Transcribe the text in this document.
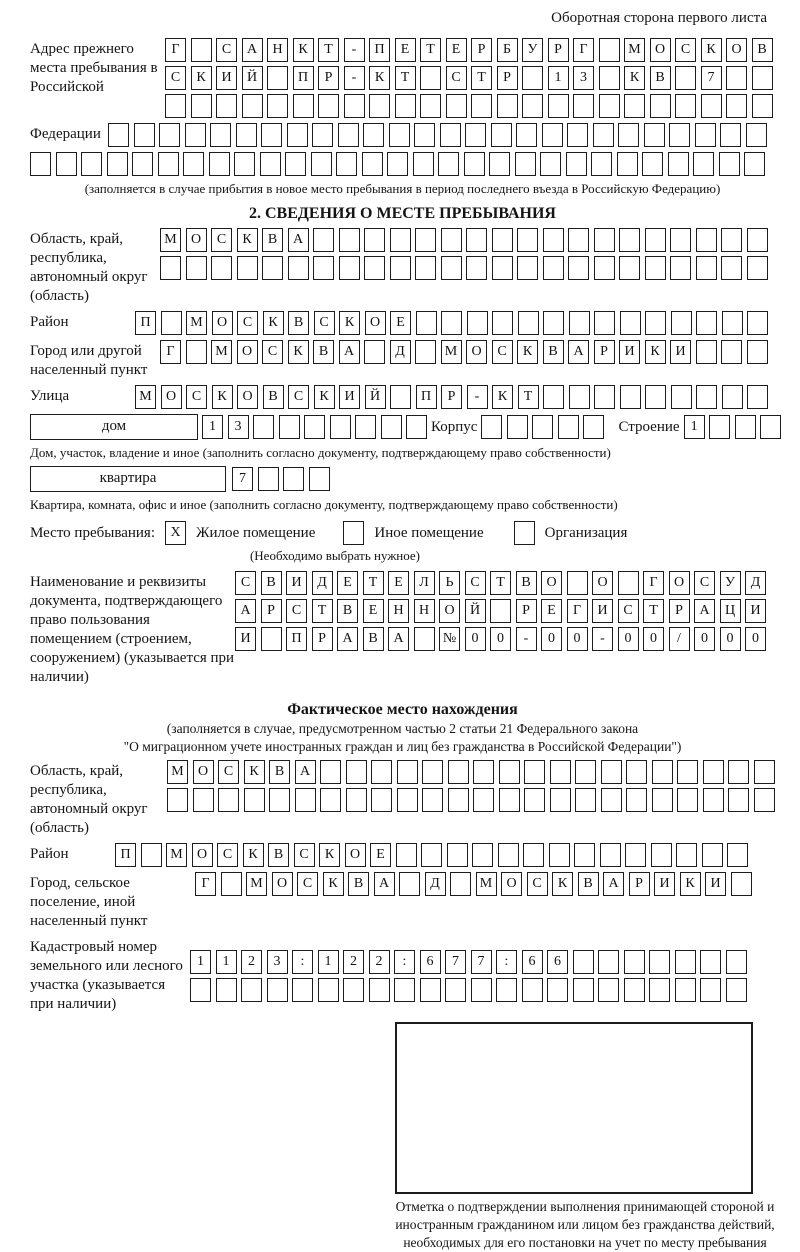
Оборотная сторона первого листа
Адрес прежнего места пребывания в Российской
Г	С	А	Н	К	Т	-	П	Е	Т	Е	Р	Б	У	Р	Г	М	О	С	К	О	В
С	К	И	Й	П	Р	-	К	Т	С	Т	Р	1	3	К	В	7
Федерации
(заполняется в случае прибытия в новое место пребывания в период последнего въезда в Российскую Федерацию)
2. СВЕДЕНИЯ О МЕСТЕ ПРЕБЫВАНИЯ
Область, край, республика, автономный округ (область)
М	О	С	К	В	А
Район	П	М	О	С	К	В	С	К	О	Е
Город или другой населенный пункт
Г	М	О	С	К	В	А	Д	М	О	С	К	В	А	Р	И	К	И
Улица	М	О	С	К	О	В	С	К	И	Й	П	Р	-	К	Т
дом	1	3	Корпус	Строение 1
Дом, участок, владение и иное (заполнить согласно документу, подтверждающему право собственности)
квартира	7
Квартира, комната, офис и иное (заполнить согласно документу, подтверждающему право собственности)
Место пребывания:	X	Жилое помещение	Иное помещение	Организация
(Необходимо выбрать нужное)
Наименование и реквизиты документа, подтверждающего право пользования помещением (строением, сооружением) (указывается при наличии)
С	В	И	Д	Е	Т	Е	Л	Ь	С	Т	В	О	О	Г	О	С	У	Д
А	Р	С	Т	В	Е	Н	Н	О	Й	Р	Е	Г	И	С	Т	Р	А	Ц	И
И	П	Р	А	В	А	№	0	0	-	0	0	-	0	0	/	0	0	0
Фактическое место нахождения
(заполняется в случае, предусмотренном частью 2 статьи 21 Федерального закона
"О миграционном учете иностранных граждан и лиц без гражданства в Российской Федерации")
Область, край, республика, автономный округ (область)
М	О	С	К	В	А
Район	П	М	О	С	К	В	С	К	О	Е
Город, сельское поселение, иной населенный пункт
Г	М	О	С	К	В	А	Д	М	О	С	К	В	А	Р	И	К	И
Кадастровый номер земельного или лесного участка (указывается при наличии)
1	1	2	3	:	1	2	2	:	6	7	7	:	6	6
Отметка о подтверждении выполнения принимающей стороной и иностранным гражданином или лицом без гражданства действий, необходимых для его постановки на учет по месту пребывания
